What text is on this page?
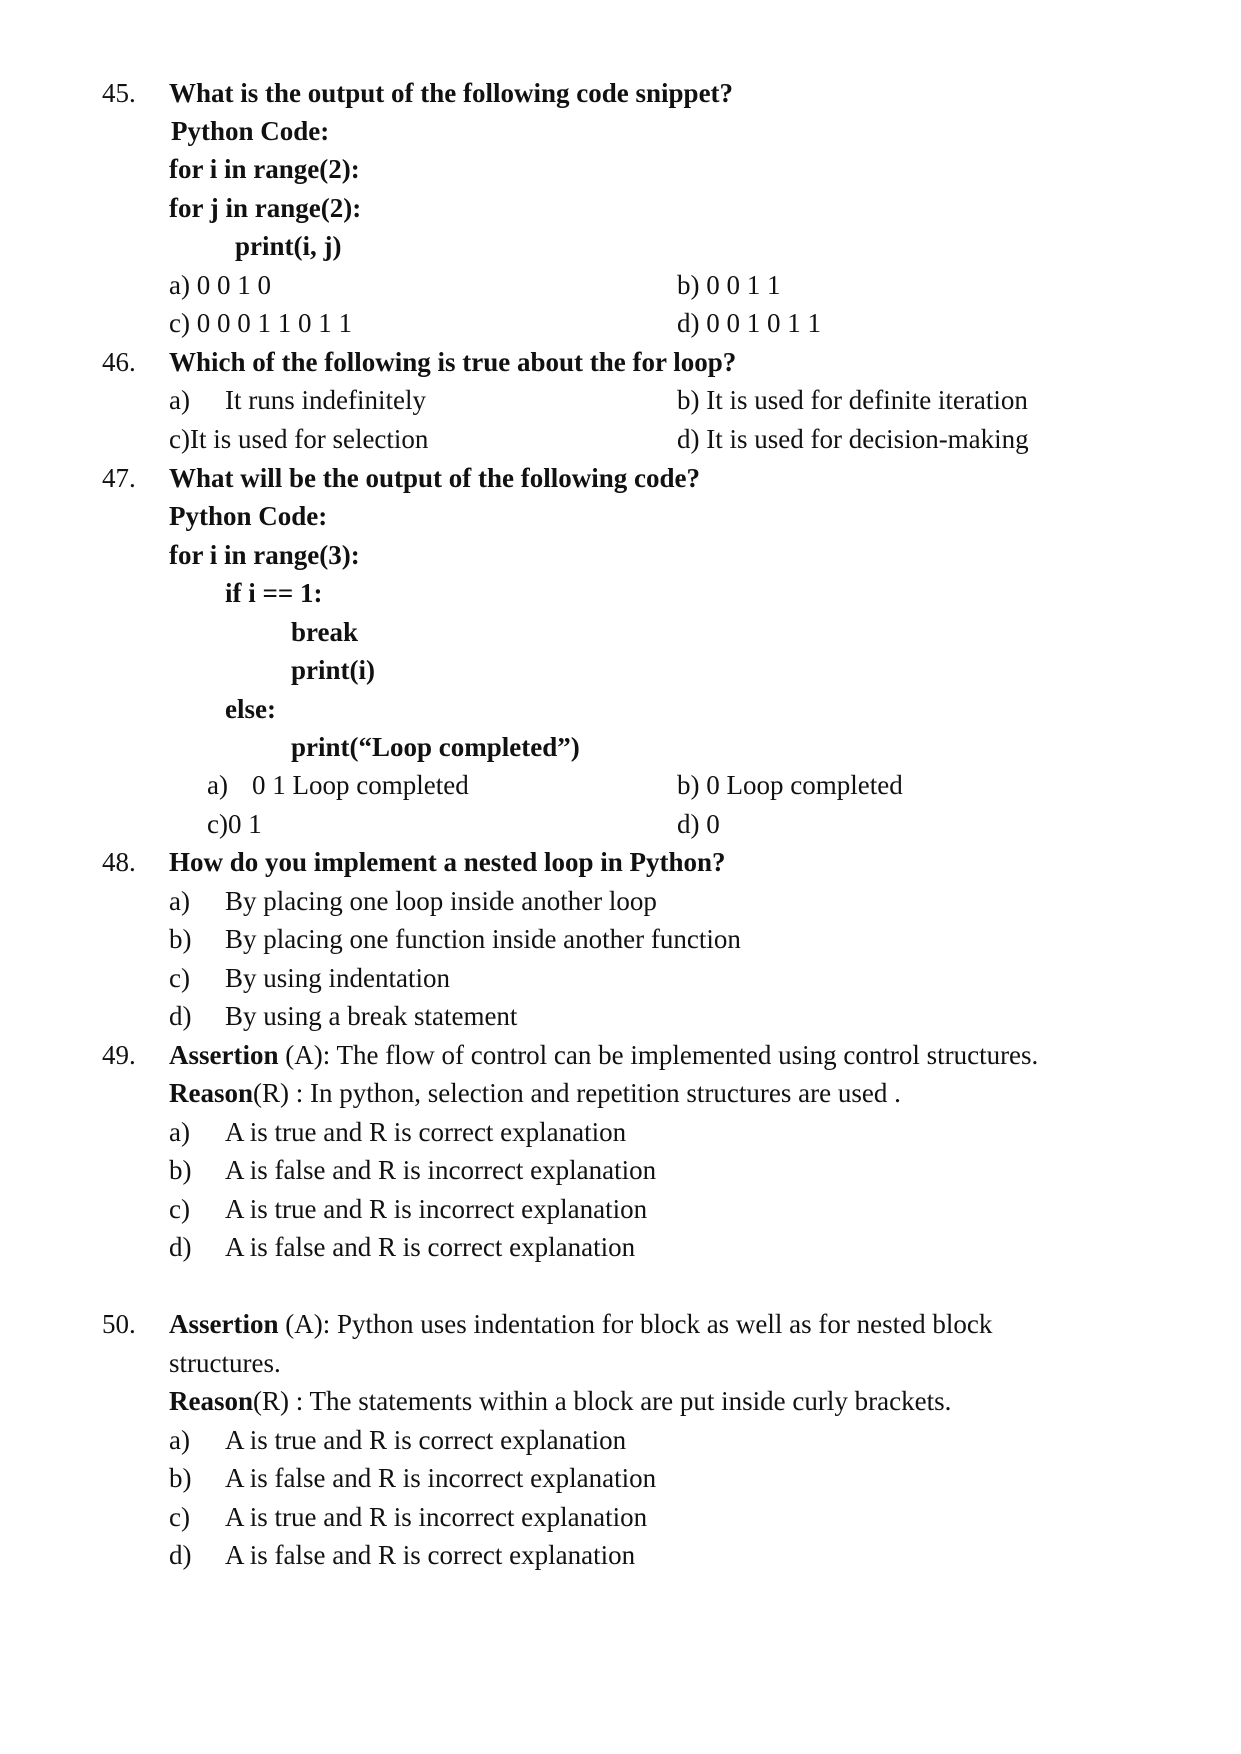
45. What is the output of the following code snippet?
Python Code:
for i in range(2):
for j in range(2):
print(i, j)
a) 0 0 1 0	b) 0 0 1 1
c) 0 0 0 1 1 0 1 1	d) 0 0 1 0 1 1
46. Which of the following is true about the for loop?
a) It runs indefinitely	b) It is used for definite iteration
c)It is used for selection	d) It is used for decision-making
47. What will be the output of the following code?
Python Code:
for i in range(3):
if i == 1:
break
print(i)
else:
print(“Loop completed”)
a) 0 1 Loop completed	b) 0 Loop completed
c)0 1	d) 0
48. How do you implement a nested loop in Python?
a) By placing one loop inside another loop
b) By placing one function inside another function
c) By using indentation
d) By using a break statement
49. Assertion (A): The flow of control can be implemented using control structures.
Reason(R) : In python, selection and repetition structures are used .
a) A is true and R is correct explanation
b) A is false and R is incorrect explanation
c) A is true and R is incorrect explanation
d) A is false and R is correct explanation
50. Assertion (A): Python uses indentation for block as well as for nested block
structures.
Reason(R) : The statements within a block are put inside curly brackets.
a) A is true and R is correct explanation
b) A is false and R is incorrect explanation
c) A is true and R is incorrect explanation
d) A is false and R is correct explanation
